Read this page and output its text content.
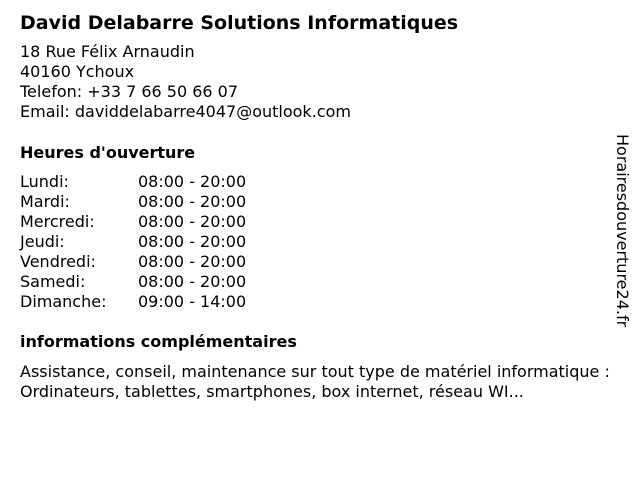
David Delabarre Solutions Informatiques
18 Rue Félix Arnaudin
40160 Ychoux
Telefon: +33 7 66 50 66 07
Email: daviddelabarre4047@outlook.com
Heures d'ouverture
Lundi:	08:00 - 20:00
Mardi:	08:00 - 20:00
Mercredi:	08:00 - 20:00
Jeudi:	08:00 - 20:00
Vendredi:	08:00 - 20:00
Samedi:	08:00 - 20:00
Dimanche: 09:00 - 14:00
informations complémentaires
Assistance, conseil, maintenance sur tout type de matériel informatique : Ordinateurs, tablettes, smartphones, box internet, réseau WI...
Horairesdouverture24.fr
